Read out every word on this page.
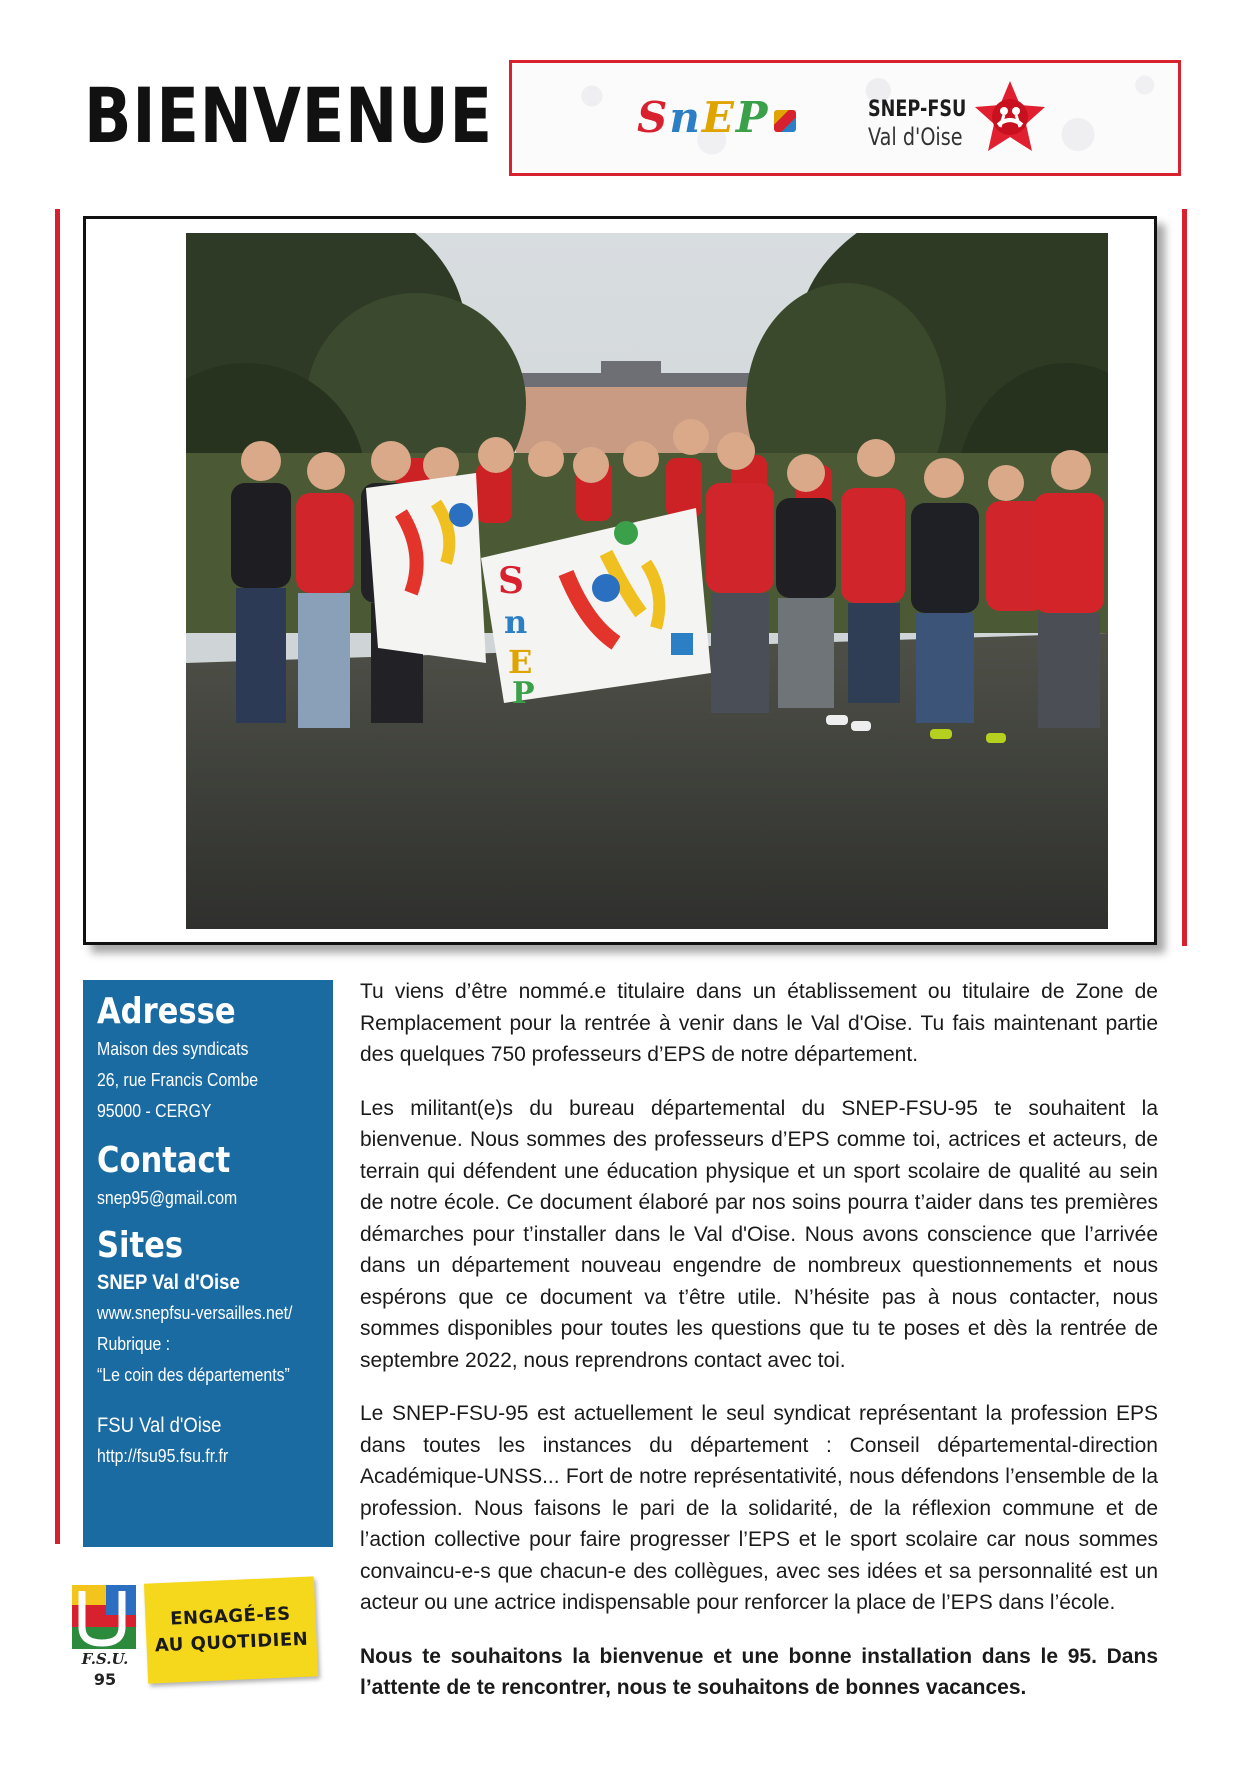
BIENVENUE	SnEP	SNEP-FSU
Val d'Oise
S
n
E
P
Adresse
Maison des syndicats
26, rue Francis Combe
95000 - CERGY
Contact
snep95@gmail.com
Sites
SNEP Val d'Oise
www.snepfsu-versailles.net/
Rubrique :
“Le coin des départements”
FSU Val d'Oise
http://fsu95.fsu.fr.fr

Tu viens d’être nommé.e titulaire dans un établissement ou titulaire de Zone de Remplacement pour la rentrée à venir dans le Val d'Oise. Tu fais maintenant partie des quelques 750 professeurs d’EPS de notre département.

Les militant(e)s du bureau départemental du SNEP-FSU-95 te souhaitent la bienvenue. Nous sommes des professeurs d’EPS comme toi, actrices et acteurs, de terrain qui défendent une éducation physique et un sport scolaire de qualité au sein de notre école. Ce document élaboré par nos soins pourra t’aider dans tes premières démarches pour t’installer dans le Val d'Oise. Nous avons conscience que l’arrivée dans un département nouveau engendre de nombreux questionnements et nous espérons que ce document va t’être utile. N’hésite pas à nous contacter, nous sommes disponibles pour toutes les questions que tu te poses et dès la rentrée de septembre 2022, nous reprendrons contact avec toi.

Le SNEP-FSU-95 est actuellement le seul syndicat représentant la profession EPS dans toutes les instances du département : Conseil départemental-direction Académique-UNSS... Fort de notre représentativité, nous défendons l’ensemble de la profession. Nous faisons le pari de la solidarité, de la réflexion commune et de l’action collective pour faire progresser l’EPS et le sport scolaire car nous sommes convaincu-e-s que chacun-e des collègues, avec ses idées et sa personnalité est un acteur ou une actrice indispensable pour renforcer la place de l’EPS dans l’école.

Nous te souhaitons la bienvenue et une bonne installation dans le 95. Dans l’attente de te rencontrer, nous te souhaitons de bonnes vacances.

F.S.U.
95
ENGAGÉ-ES
AU QUOTIDIEN
